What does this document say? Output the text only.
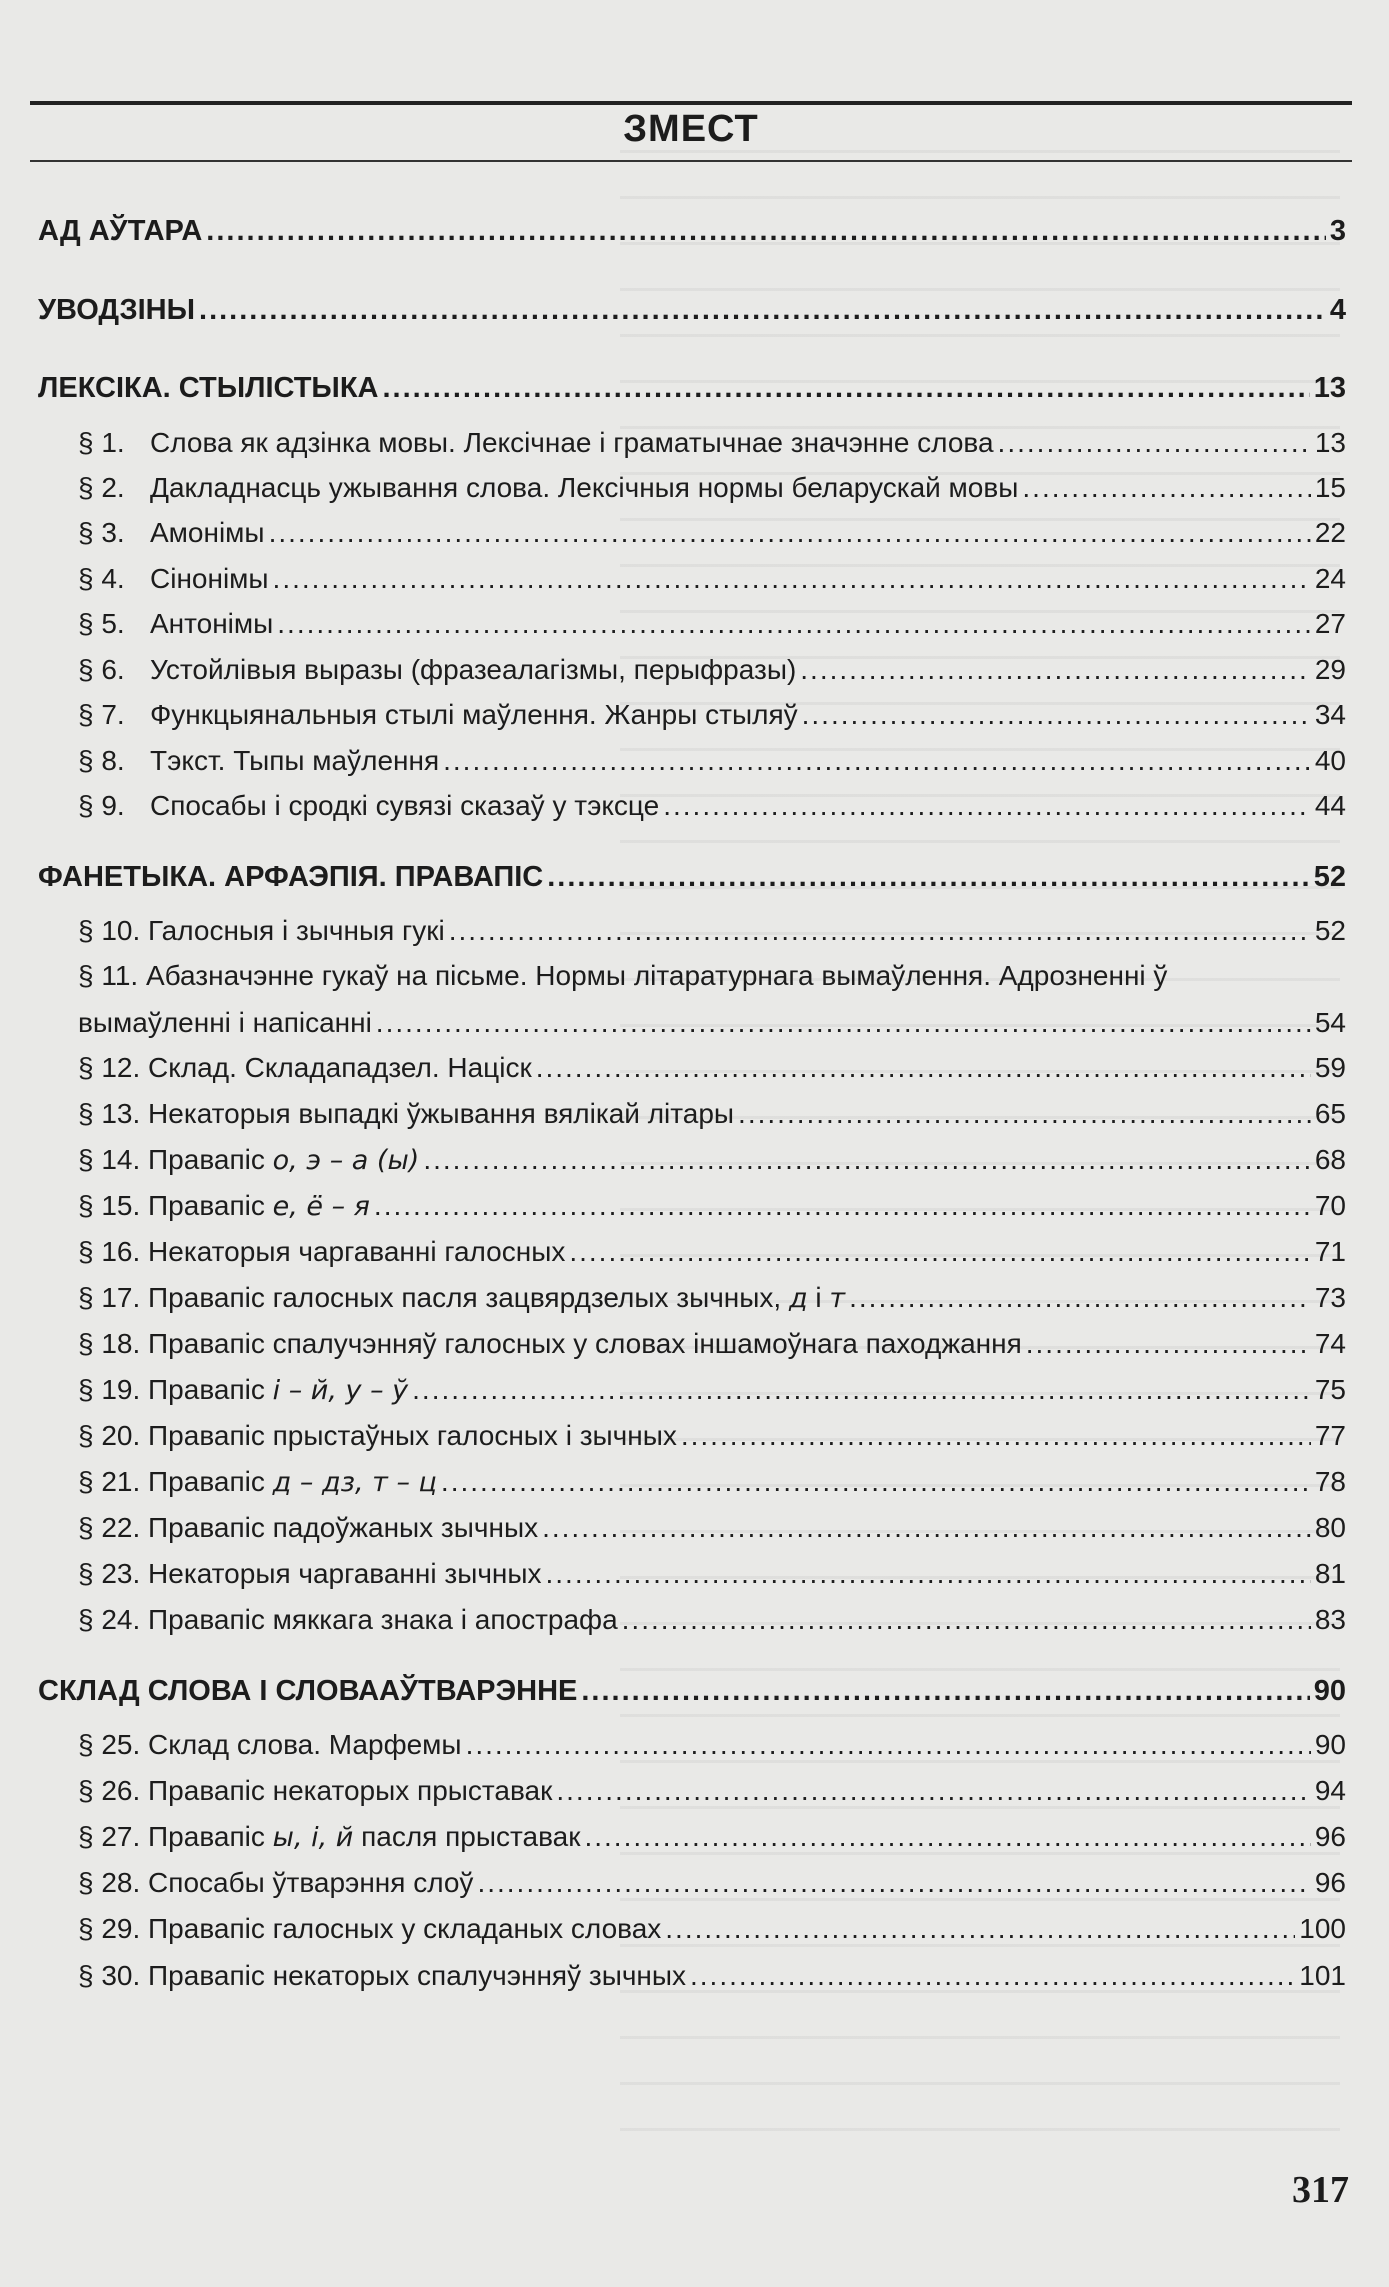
ЗМЕСТ
АД АЎТАРА .....	3
УВОДЗІНЫ .....	4
ЛЕКСІКА. СТЫЛІСТЫКА .....	13
§ 1. Слова як адзінка мовы. Лексічнае і граматычнае значэнне слова .....	13
§ 2. Дакладнасць ужывання слова. Лексічныя нормы беларускай мовы .....	15
§ 3. Амонімы .....	22
§ 4. Сінонімы .....	24
§ 5. Антонімы .....	27
§ 6. Устойлівыя выразы (фразеалагізмы, перыфразы) .....	29
§ 7. Функцыянальныя стылі маўлення. Жанры стыляў .....	34
§ 8. Тэкст. Тыпы маўлення .....	40
§ 9. Спосабы і сродкі сувязі сказаў у тэксце .....	44
ФАНЕТЫКА. АРФАЭПІЯ. ПРАВАПІС .....	52
§ 10. Галосныя і зычныя гукі .....	52
§ 11. Абазначэнне гукаў на пісьме. Нормы літаратурнага вымаўлення. Адрозненні ў
вымаўленні і напісанні .....	54
§ 12. Склад. Складападзел. Націск .....	59
§ 13. Некаторыя выпадкі ўжывання вялікай літары .....	65
§ 14. Правапіс о, э – а (ы) .....	68
§ 15. Правапіс е, ё – я .....	70
§ 16. Некаторыя чаргаванні галосных .....	71
§ 17. Правапіс галосных пасля зацвярдзелых зычных, д і т .....	73
§ 18. Правапіс спалучэнняў галосных у словах іншамоўнага паходжання .....	74
§ 19. Правапіс і – й, у – ў .....	75
§ 20. Правапіс прыстаўных галосных і зычных .....	77
§ 21. Правапіс д – дз, т – ц .....	78
§ 22. Правапіс падоўжаных зычных .....	80
§ 23. Некаторыя чаргаванні зычных .....	81
§ 24. Правапіс мяккага знака і апострафа .....	83
СКЛАД СЛОВА І СЛОВААЎТВАРЭННЕ .....	90
§ 25. Склад слова. Марфемы .....	90
§ 26. Правапіс некаторых прыставак .....	94
§ 27. Правапіс ы, і, й пасля прыставак .....	96
§ 28. Спосабы ўтварэння слоў .....	96
§ 29. Правапіс галосных у складаных словах .....	100
§ 30. Правапіс некаторых спалучэнняў зычных .....	101
317
